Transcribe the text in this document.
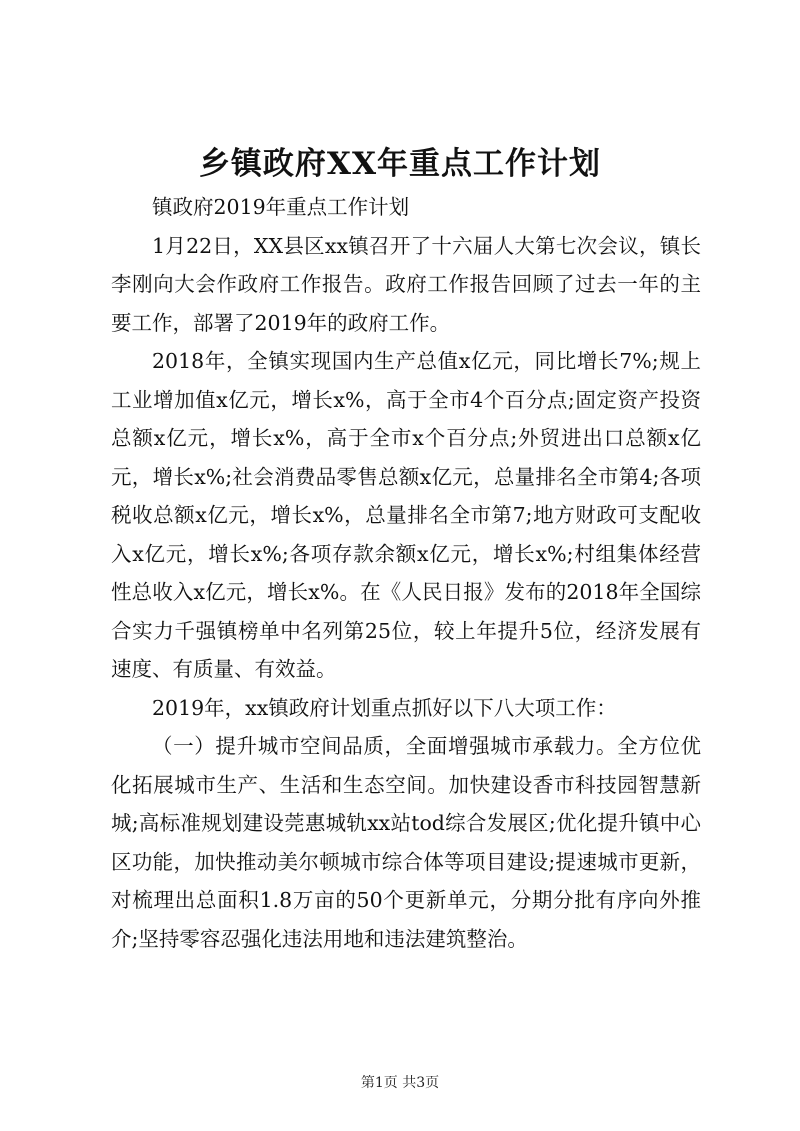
乡镇政府XX年重点工作计划

镇政府2019年重点工作计划

1月22日，XX县区xx镇召开了十六届人大第七次会议，镇长李刚向大会作政府工作报告。政府工作报告回顾了过去一年的主要工作，部署了2019年的政府工作。

2018年，全镇实现国内生产总值x亿元，同比增长7%;规上工业增加值x亿元，增长x%，高于全市4个百分点;固定资产投资总额x亿元，增长x%，高于全市x个百分点;外贸进出口总额x亿元，增长x%;社会消费品零售总额x亿元，总量排名全市第4;各项税收总额x亿元，增长x%，总量排名全市第7;地方财政可支配收入x亿元，增长x%;各项存款余额x亿元，增长x%;村组集体经营性总收入x亿元，增长x%。在《人民日报》发布的2018年全国综合实力千强镇榜单中名列第25位，较上年提升5位，经济发展有速度、有质量、有效益。

2019年，xx镇政府计划重点抓好以下八大项工作：

（一）提升城市空间品质，全面增强城市承载力。全方位优化拓展城市生产、生活和生态空间。加快建设香市科技园智慧新城;高标准规划建设莞惠城轨xx站tod综合发展区;优化提升镇中心区功能，加快推动美尔顿城市综合体等项目建设;提速城市更新，对梳理出总面积1.8万亩的50个更新单元，分期分批有序向外推介;坚持零容忍强化违法用地和违法建筑整治。

第1页 共3页
